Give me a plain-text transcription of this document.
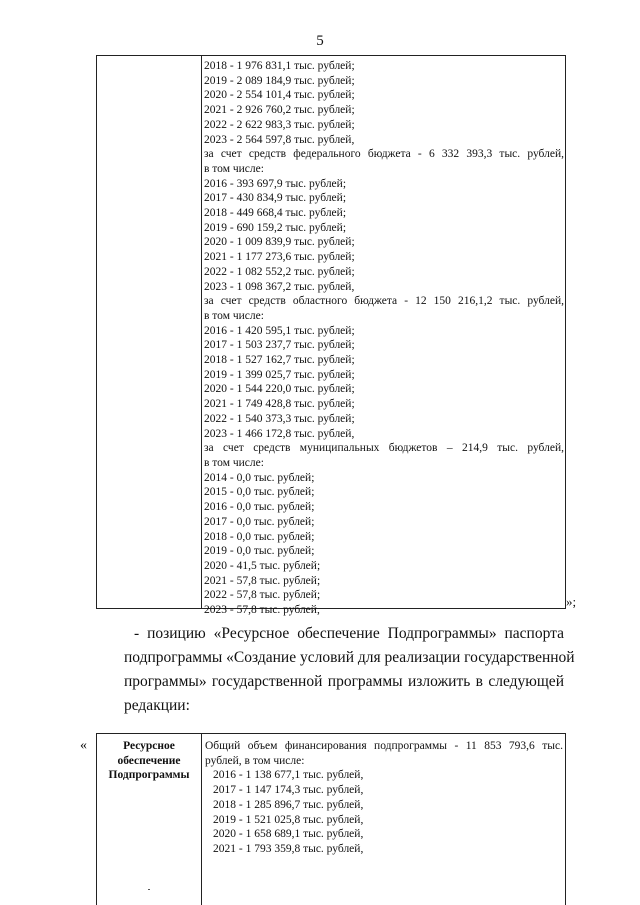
5
2018 - 1 976 831,1 тыс. рублей;
2019 - 2 089 184,9 тыс. рублей;
2020 - 2 554 101,4 тыс. рублей;
2021 - 2 926 760,2 тыс. рублей;
2022 - 2 622 983,3 тыс. рублей;
2023 - 2 564 597,8 тыс. рублей,
за счет средств федерального бюджета - 6 332 393,3 тыс. рублей,
в том числе:
2016 - 393 697,9 тыс. рублей;
2017 - 430 834,9 тыс. рублей;
2018 - 449 668,4 тыс. рублей;
2019 - 690 159,2 тыс. рублей;
2020 - 1 009 839,9 тыс. рублей;
2021 - 1 177 273,6 тыс. рублей;
2022 - 1 082 552,2 тыс. рублей;
2023 - 1 098 367,2 тыс. рублей,
за счет средств областного бюджета - 12 150 216,1,2 тыс. рублей,
в том числе:
2016 - 1 420 595,1 тыс. рублей;
2017 - 1 503 237,7 тыс. рублей;
2018 - 1 527 162,7 тыс. рублей;
2019 - 1 399 025,7 тыс. рублей;
2020 - 1 544 220,0 тыс. рублей;
2021 - 1 749 428,8 тыс. рублей;
2022 - 1 540 373,3 тыс. рублей;
2023 - 1 466 172,8 тыс. рублей,
за счет средств муниципальных бюджетов – 214,9 тыс. рублей,
в том числе:
2014 - 0,0 тыс. рублей;
2015 - 0,0 тыс. рублей;
2016 - 0,0 тыс. рублей;
2017 - 0,0 тыс. рублей;
2018 - 0,0 тыс. рублей;
2019 - 0,0 тыс. рублей;
2020 - 41,5 тыс. рублей;
2021 - 57,8 тыс. рублей;
2022 - 57,8 тыс. рублей;
2023 - 57,8 тыс. рублей,
»;
- позицию «Ресурсное обеспечение Подпрограммы» паспорта
подпрограммы «Создание условий для реализации государственной
программы» государственной программы изложить в следующей
редакции:
«	Ресурсное
обеспечение
Подпрограммы
Общий объем финансирования подпрограммы - 11 853 793,6 тыс.
рублей, в том числе:
2016 - 1 138 677,1 тыс. рублей,
2017 - 1 147 174,3 тыс. рублей,
2018 - 1 285 896,7 тыс. рублей,
2019 - 1 521 025,8 тыс. рублей,
2020 - 1 658 689,1 тыс. рублей,
2021 - 1 793 359,8 тыс. рублей,
